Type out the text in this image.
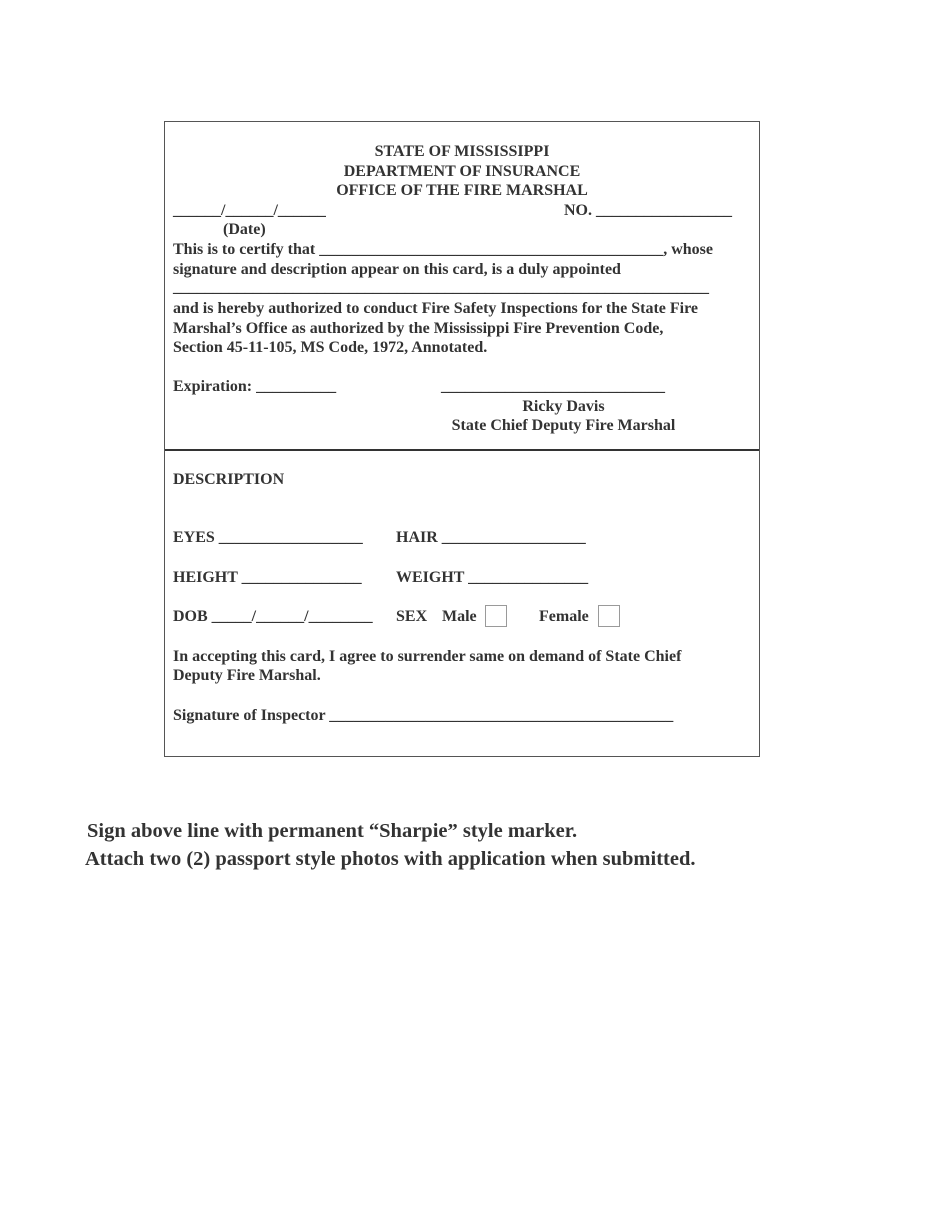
STATE OF MISSISSIPPI
DEPARTMENT OF INSURANCE
OFFICE OF THE FIRE MARSHAL
______/______/______
(Date)
NO. _________________
This is to certify that ___________________________________________, whose
signature and description appear on this card, is a duly appointed
___________________________________________________________________
and is hereby authorized to conduct Fire Safety Inspections for the State Fire
Marshal’s Office as authorized by the Mississippi Fire Prevention Code,
Section 45-11-105, MS Code, 1972, Annotated.
Expiration: __________	____________________________
Ricky Davis
State Chief Deputy Fire Marshal
DESCRIPTION
EYES __________________ HAIR __________________
HEIGHT _______________ WEIGHT _______________
DOB _____/______/________ SEX Male	Female
In accepting this card, I agree to surrender same on demand of State Chief
Deputy Fire Marshal.
Signature of Inspector ___________________________________________
Sign above line with permanent “Sharpie” style marker.
Attach two (2) passport style photos with application when submitted.
